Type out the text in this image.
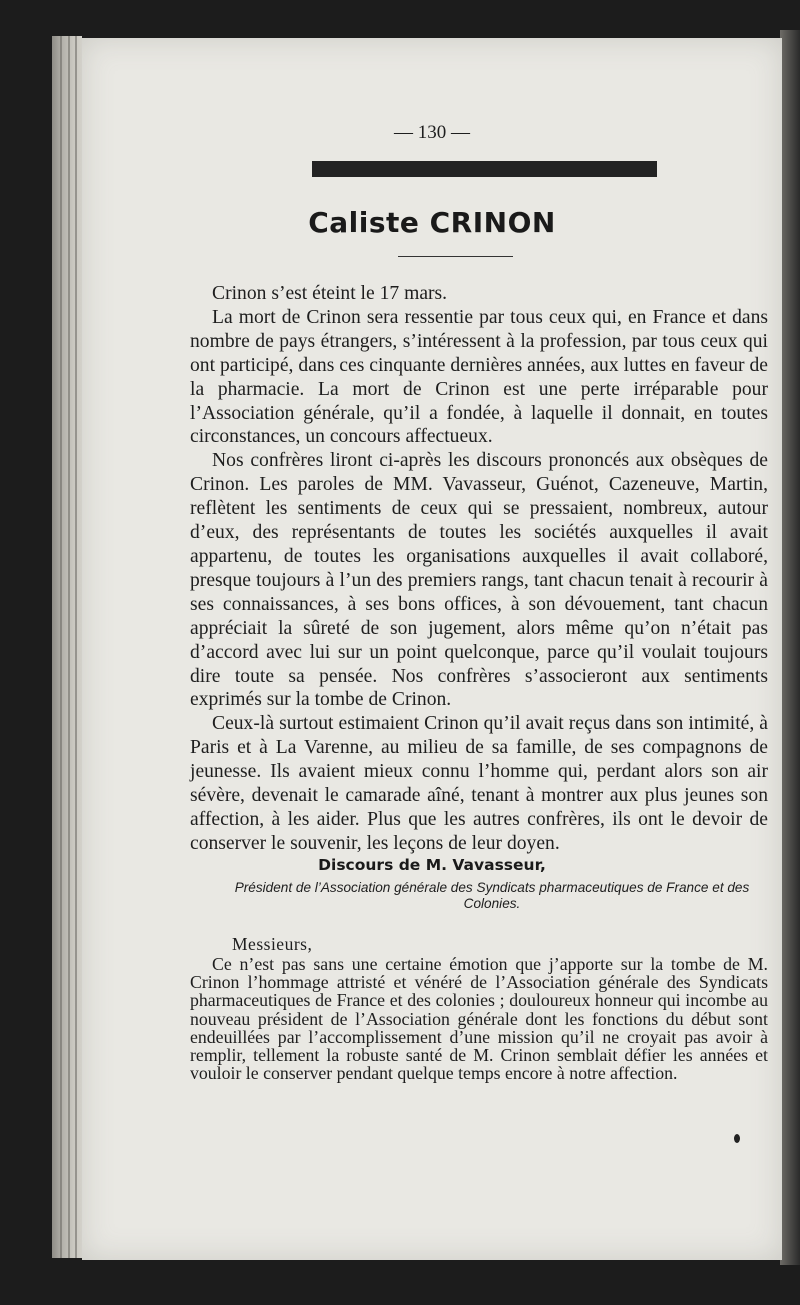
— 130 —
Caliste CRINON

Crinon s’est éteint le 17 mars.

La mort de Crinon sera ressentie par tous ceux qui, en France et dans nombre de pays étrangers, s’intéressent à la profession, par tous ceux qui ont participé, dans ces cinquante dernières années, aux luttes en faveur de la pharmacie. La mort de Crinon est une perte irréparable pour l’Association générale, qu’il a fondée, à laquelle il donnait, en toutes circonstances, un concours affectueux.

Nos confrères liront ci-après les discours prononcés aux obsèques de Crinon. Les paroles de MM. Vavasseur, Guénot, Cazeneuve, Martin, reflètent les sentiments de ceux qui se pressaient, nombreux, autour d’eux, des représentants de toutes les sociétés auxquelles il avait appartenu, de toutes les organisations auxquelles il avait collaboré, presque toujours à l’un des premiers rangs, tant chacun tenait à recourir à ses connaissances, à ses bons offices, à son dévouement, tant chacun appréciait la sûreté de son jugement, alors même qu’on n’était pas d’accord avec lui sur un point quelconque, parce qu’il voulait toujours dire toute sa pensée. Nos confrères s’associeront aux sentiments exprimés sur la tombe de Crinon.

Ceux-là surtout estimaient Crinon qu’il avait reçus dans son intimité, à Paris et à La Varenne, au milieu de sa famille, de ses compagnons de jeunesse. Ils avaient mieux connu l’homme qui, perdant alors son air sévère, devenait le camarade aîné, tenant à montrer aux plus jeunes son affection, à les aider. Plus que les autres confrères, ils ont le devoir de conserver le souvenir, les leçons de leur doyen.

Discours de M. Vavasseur,
Président de l’Association générale des Syndicats pharmaceutiques de France et des Colonies.
Messieurs,

Ce n’est pas sans une certaine émotion que j’apporte sur la tombe de M. Crinon l’hommage attristé et vénéré de l’Association générale des Syndicats pharmaceutiques de France et des colonies ; douloureux honneur qui incombe au nouveau président de l’Association générale dont les fonctions du début sont endeuillées par l’accomplissement d’une mission qu’il ne croyait pas avoir à remplir, tellement la robuste santé de M. Crinon semblait défier les années et vouloir le conserver pendant quelque temps encore à notre affection.
